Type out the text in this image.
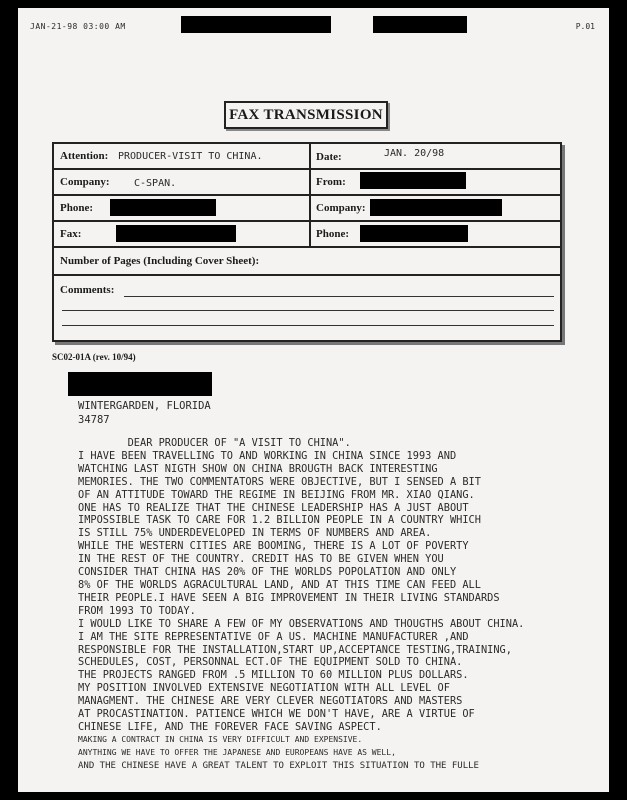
JAN-21-98 03:00 AM	P.01
FAX TRANSMISSION
Attention: PRODUCER-VISIT TO CHINA.	Date:	JAN. 20/98
Company: C-SPAN.	From:
Phone:	Company:
Fax:	Phone:
Number of Pages (Including Cover Sheet):
Comments:
SC02-01A (rev. 10/94)
WINTERGARDEN, FLORIDA
34787
DEAR PRODUCER OF "A VISIT TO CHINA".
I HAVE BEEN TRAVELLING TO AND WORKING IN CHINA SINCE 1993 AND
WATCHING LAST NIGTH SHOW ON CHINA BROUGTH BACK INTERESTING
MEMORIES. THE TWO COMMENTATORS WERE OBJECTIVE, BUT I SENSED A BIT
OF AN ATTITUDE TOWARD THE REGIME IN BEIJING FROM MR. XIAO QIANG.
ONE HAS TO REALIZE THAT THE CHINESE LEADERSHIP HAS A JUST ABOUT
IMPOSSIBLE TASK TO CARE FOR 1.2 BILLION PEOPLE IN A COUNTRY WHICH
IS STILL 75% UNDERDEVELOPED IN TERMS OF NUMBERS AND AREA.
WHILE THE WESTERN CITIES ARE BOOMING, THERE IS A LOT OF POVERTY
IN THE REST OF THE COUNTRY. CREDIT HAS TO BE GIVEN WHEN YOU
CONSIDER THAT CHINA HAS 20% OF THE WORLDS POPOLATION AND ONLY
8% OF THE WORLDS AGRACULTURAL LAND, AND AT THIS TIME CAN FEED ALL
THEIR PEOPLE.I HAVE SEEN A BIG IMPROVEMENT IN THEIR LIVING STANDARDS
FROM 1993 TO TODAY.
I WOULD LIKE TO SHARE A FEW OF MY OBSERVATIONS AND THOUGTHS ABOUT CHINA.
I AM THE SITE REPRESENTATIVE OF A US. MACHINE MANUFACTURER ,AND
RESPONSIBLE FOR THE INSTALLATION,START UP,ACCEPTANCE TESTING,TRAINING,
SCHEDULES, COST, PERSONNAL ECT.OF THE EQUIPMENT SOLD TO CHINA.
THE PROJECTS RANGED FROM .5 MILLION TO 60 MILLION PLUS DOLLARS.
MY POSITION INVOLVED EXTENSIVE NEGOTIATION WITH ALL LEVEL OF
MANAGMENT. THE CHINESE ARE VERY CLEVER NEGOTIATORS AND MASTERS
AT PROCASTINATION. PATIENCE WHICH WE DON'T HAVE, ARE A VIRTUE OF
CHINESE LIFE, AND THE FOREVER FACE SAVING ASPECT.
MAKING A CONTRACT IN CHINA IS VERY DIFFICULT AND EXPENSIVE.
ANYTHING WE HAVE TO OFFER THE JAPANESE AND EUROPEANS HAVE AS WELL,
AND THE CHINESE HAVE A GREAT TALENT TO EXPLOIT THIS SITUATION TO THE FULLE
